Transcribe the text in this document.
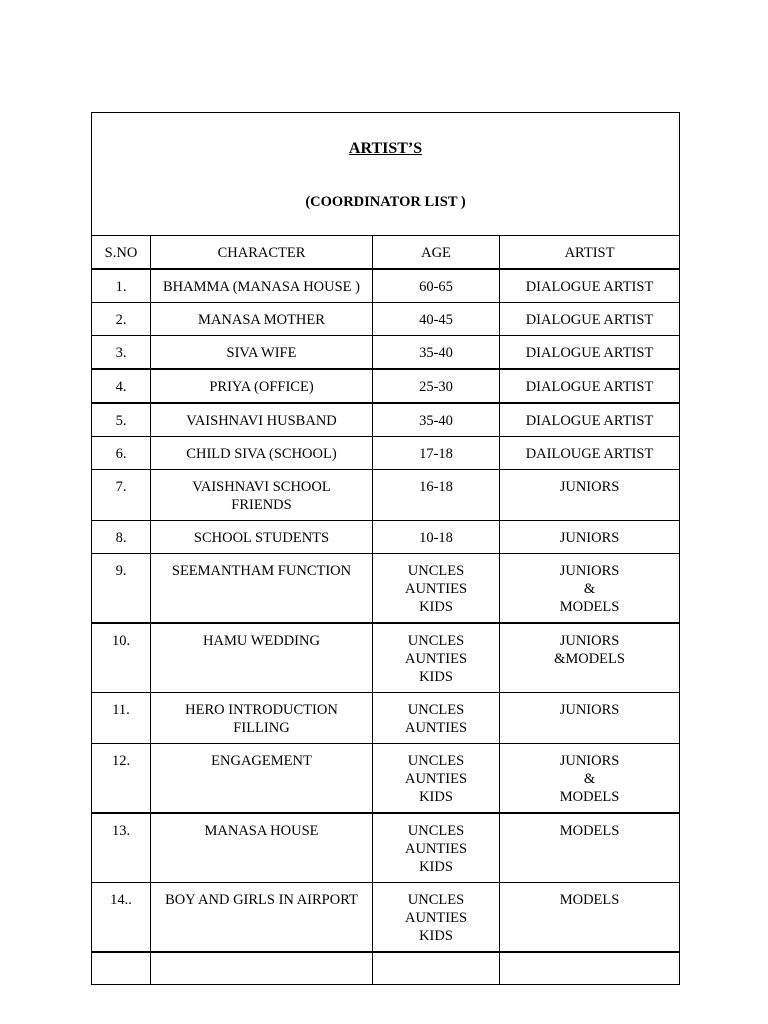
ARTIST’S

(COORDINATOR LIST )			

S.NO	CHARACTER	AGE	ARTIST
1.	BHAMMA (MANASA HOUSE )	60-65	DIALOGUE ARTIST
2.	MANASA MOTHER	40-45	DIALOGUE ARTIST
3.	SIVA WIFE	35-40	DIALOGUE ARTIST
4.	PRIYA (OFFICE)	25-30	DIALOGUE ARTIST
5.	VAISHNAVI HUSBAND	35-40	DIALOGUE ARTIST
6.	CHILD SIVA (SCHOOL)	17-18	DAILOUGE ARTIST
7.	VAISHNAVI SCHOOL
FRIENDS	16-18	JUNIORS
8.	SCHOOL STUDENTS	10-18	JUNIORS
9.	SEEMANTHAM FUNCTION	UNCLES
AUNTIES
KIDS	JUNIORS
&
MODELS
10.	HAMU WEDDING	UNCLES
AUNTIES
KIDS	JUNIORS
&MODELS
11.	HERO INTRODUCTION
FILLING	UNCLES
AUNTIES	JUNIORS
12.	ENGAGEMENT	UNCLES
AUNTIES
KIDS	JUNIORS
&
MODELS
13.	MANASA HOUSE	UNCLES
AUNTIES
KIDS	MODELS
14..	BOY AND GIRLS IN AIRPORT	UNCLES
AUNTIES
KIDS	MODELS
